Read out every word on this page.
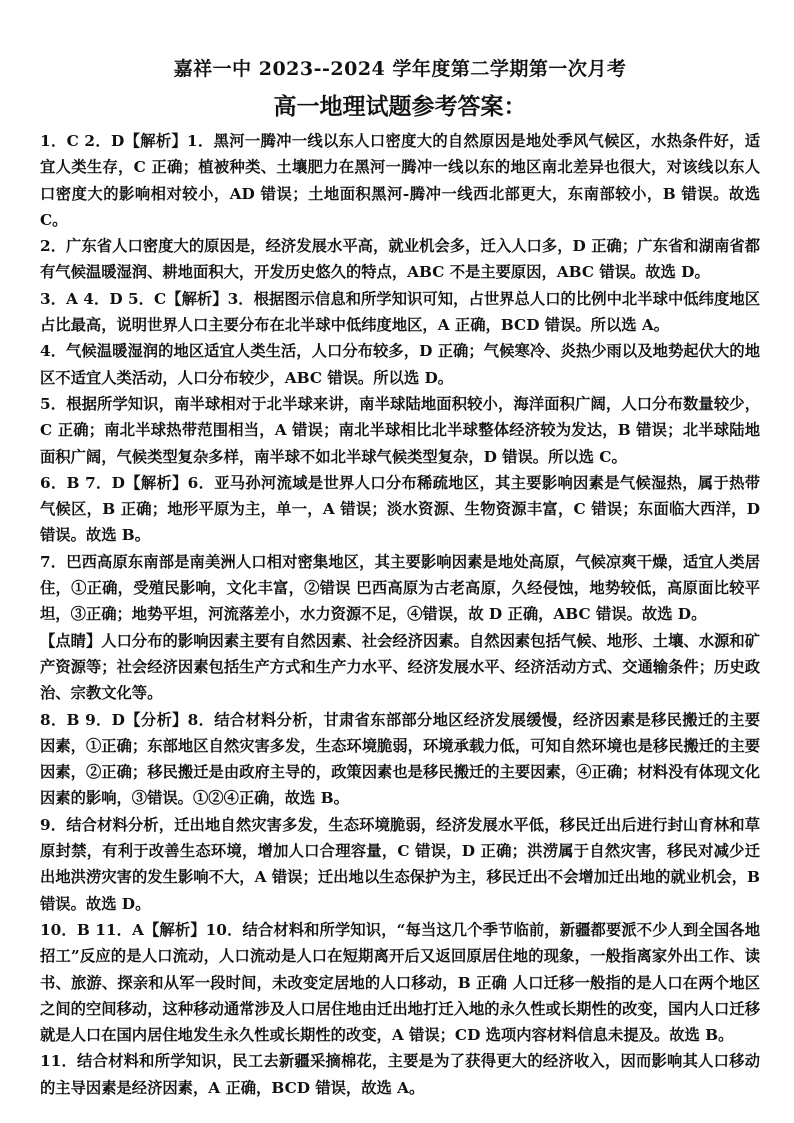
嘉祥一中 2023--2024 学年度第二学期第一次月考
高一地理试题参考答案：

1．C 2．D【解析】1．黑河一腾冲一线以东人口密度大的自然原因是地处季风气候区，水热条件好，适宜人类生存，C 正确；植被种类、土壤肥力在黑河一腾冲一线以东的地区南北差异也很大，对该线以东人口密度大的影响相对较小，AD 错误；土地面积黑河-腾冲一线西北部更大，东南部较小，B 错误。故选 C。

2．广东省人口密度大的原因是，经济发展水平高，就业机会多，迁入人口多，D 正确；广东省和湖南省都有气候温暖湿润、耕地面积大，开发历史悠久的特点，ABC 不是主要原因，ABC 错误。故选 D。

3．A 4．D 5．C【解析】3．根据图示信息和所学知识可知，占世界总人口的比例中北半球中低纬度地区占比最高，说明世界人口主要分布在北半球中低纬度地区，A 正确，BCD 错误。所以选 A。

4．气候温暖湿润的地区适宜人类生活，人口分布较多，D 正确；气候寒冷、炎热少雨以及地势起伏大的地区不适宜人类活动，人口分布较少，ABC 错误。所以选 D。

5．根据所学知识，南半球相对于北半球来讲，南半球陆地面积较小，海洋面积广阔，人口分布数量较少，C 正确；南北半球热带范围相当，A 错误；南北半球相比北半球整体经济较为发达，B 错误；北半球陆地面积广阔，气候类型复杂多样，南半球不如北半球气候类型复杂，D 错误。所以选 C。

6．B 7．D【解析】6．亚马孙河流域是世界人口分布稀疏地区，其主要影响因素是气候湿热，属于热带气候区，B 正确；地形平原为主，单一，A 错误；淡水资源、生物资源丰富，C 错误；东面临大西洋，D 错误。故选 B。

7．巴西高原东南部是南美洲人口相对密集地区，其主要影响因素是地处高原，气候凉爽干燥，适宜人类居住，①正确，受殖民影响，文化丰富，②错误 巴西高原为古老高原，久经侵蚀，地势较低，高原面比较平坦，③正确；地势平坦，河流落差小，水力资源不足，④错误，故 D 正确，ABC 错误。故选 D。

【点睛】人口分布的影响因素主要有自然因素、社会经济因素。自然因素包括气候、地形、土壤、水源和矿产资源等；社会经济因素包括生产方式和生产力水平、经济发展水平、经济活动方式、交通输条件；历史政治、宗教文化等。

8．B 9．D【分析】8．结合材料分析，甘肃省东部部分地区经济发展缓慢，经济因素是移民搬迁的主要因素，①正确；东部地区自然灾害多发，生态环境脆弱，环境承载力低，可知自然环境也是移民搬迁的主要因素，②正确；移民搬迁是由政府主导的，政策因素也是移民搬迁的主要因素，④正确；材料没有体现文化因素的影响，③错误。①②④正确，故选 B。

9．结合材料分析，迁出地自然灾害多发，生态环境脆弱，经济发展水平低，移民迁出后进行封山育林和草原封禁，有利于改善生态环境，增加人口合理容量，C 错误，D 正确；洪涝属于自然灾害，移民对减少迁出地洪涝灾害的发生影响不大，A 错误；迁出地以生态保护为主，移民迁出不会增加迁出地的就业机会，B 错误。故选 D。

10．B 11．A【解析】10．结合材料和所学知识，“每当这几个季节临前，新疆都要派不少人到全国各地招工”反应的是人口流动，人口流动是人口在短期离开后又返回原居住地的现象，一般指离家外出工作、读书、旅游、探亲和从军一段时间，未改变定居地的人口移动，B 正确 人口迁移一般指的是人口在两个地区之间的空间移动，这种移动通常涉及人口居住地由迁出地打迁入地的永久性或长期性的改变，国内人口迁移就是人口在国内居住地发生永久性或长期性的改变，A 错误；CD 选项内容材料信息未提及。故选 B。

11．结合材料和所学知识，民工去新疆采摘棉花，主要是为了获得更大的经济收入，因而影响其人口移动的主导因素是经济因素，A 正确，BCD 错误，故选 A。
